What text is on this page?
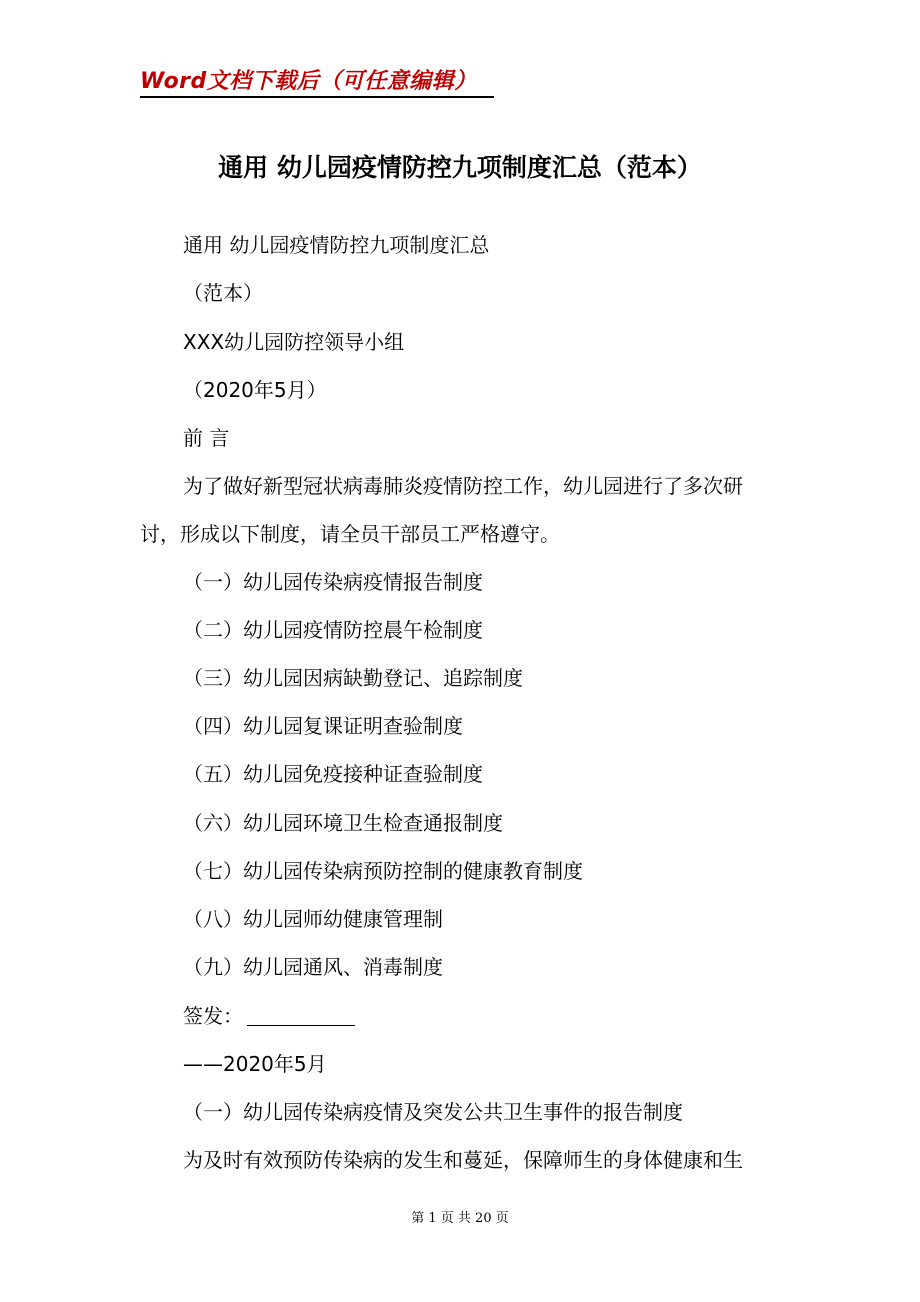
Word文档下载后（可任意编辑）
通用 幼儿园疫情防控九项制度汇总（范本）
通用 幼儿园疫情防控九项制度汇总
（范本）
XXX幼儿园防控领导小组
（2020年5月）
前 言
为了做好新型冠状病毒肺炎疫情防控工作，幼儿园进行了多次研
讨，形成以下制度，请全员干部员工严格遵守。
（一）幼儿园传染病疫情报告制度
（二）幼儿园疫情防控晨午检制度
（三）幼儿园因病缺勤登记、追踪制度
（四）幼儿园复课证明查验制度
（五）幼儿园免疫接种证查验制度
（六）幼儿园环境卫生检查通报制度
（七）幼儿园传染病预防控制的健康教育制度
（八）幼儿园师幼健康管理制
（九）幼儿园通风、消毒制度
签发：
——2020年5月
（一）幼儿园传染病疫情及突发公共卫生事件的报告制度
为及时有效预防传染病的发生和蔓延，保障师生的身体健康和生
第 1 页 共 20 页
